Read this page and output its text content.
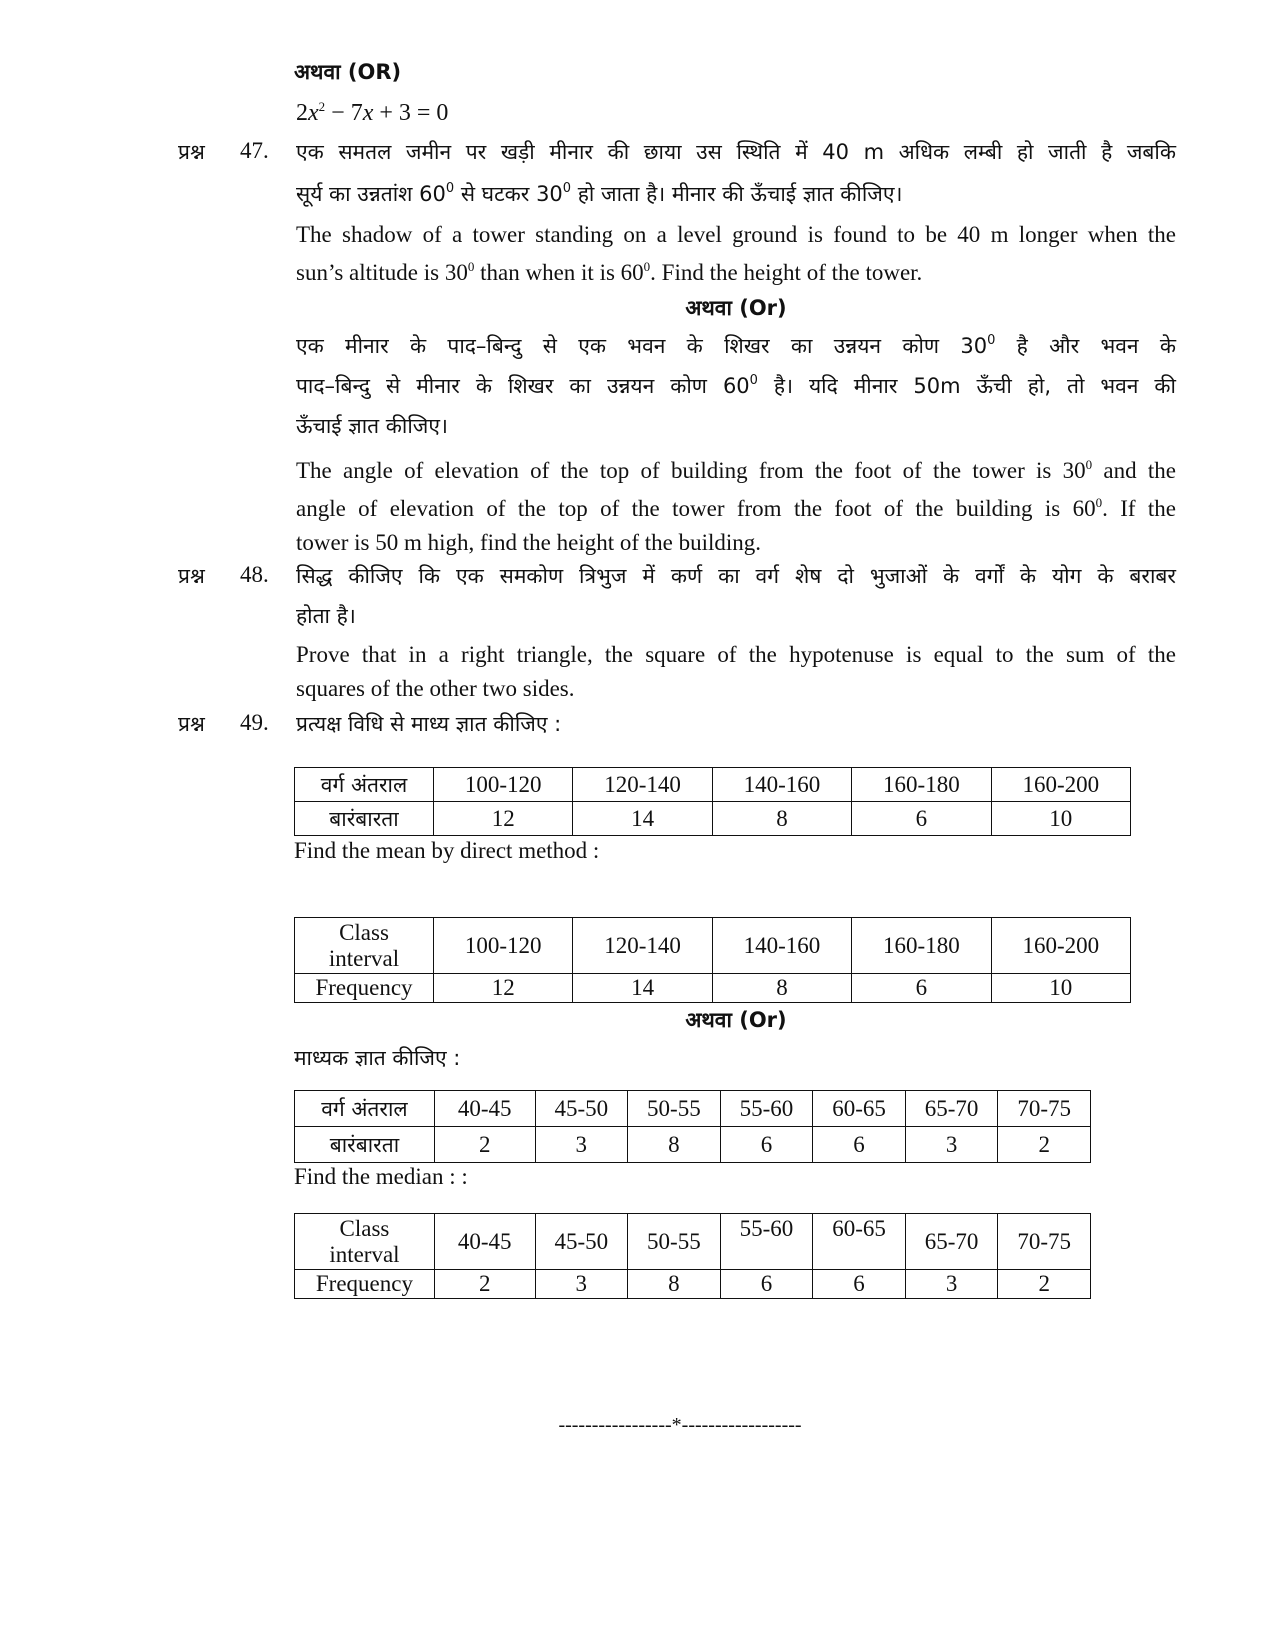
अथवा (OR)
$2x^2 - 7x + 3 = 0$
प्रश्न 47. एक समतल जमीन पर खड़ी मीनार की छाया उस स्थिति में 40 m अधिक लम्बी हो जाती है जबकि
सूर्य का उन्नतांश $60^0$ से घटकर $30^0$ हो जाता है। मीनार की ऊँचाई ज्ञात कीजिए।
The shadow of a tower standing on a level ground is found to be 40 m longer when the
sun’s altitude is $30^0$ than when it is $60^0$. Find the height of the tower.
अथवा (Or)
एक मीनार के पाद–बिन्दु से एक भवन के शिखर का उन्नयन कोण $30^0$ है और भवन के
पाद–बिन्दु से मीनार के शिखर का उन्नयन कोण $60^0$ है। यदि मीनार 50m ऊँची हो, तो भवन की
ऊँचाई ज्ञात कीजिए।
The angle of elevation of the top of building from the foot of the tower is $30^0$ and the
angle of elevation of the top of the tower from the foot of the building is $60^0$. If the
tower is 50 m high, find the height of the building.
प्रश्न 48. सिद्ध कीजिए कि एक समकोण त्रिभुज में कर्ण का वर्ग शेष दो भुजाओं के वर्गों के योग के बराबर
होता है।
Prove that in a right triangle, the square of the hypotenuse is equal to the sum of the
squares of the other two sides.
प्रश्न 49. प्रत्यक्ष विधि से माध्य ज्ञात कीजिए :
वर्ग अंतराल	100-120	120-140	140-160	160-180	160-200
बारंबारता	12	14	8	6	10
Find the mean by direct method :
Class
interval	100-120	120-140	140-160	160-180	160-200
Frequency	12	14	8	6	10
अथवा (Or)
माध्यक ज्ञात कीजिए :
वर्ग अंतराल	40-45	45-50	50-55	55-60	60-65	65-70	70-75
बारंबारता	2	3	8	6	6	3	2
Find the median : :
Class
interval	40-45	45-50	50-55	55-60	60-65	65-70	70-75
Frequency	2	3	8	6	6	3	2
-----------------*------------------
